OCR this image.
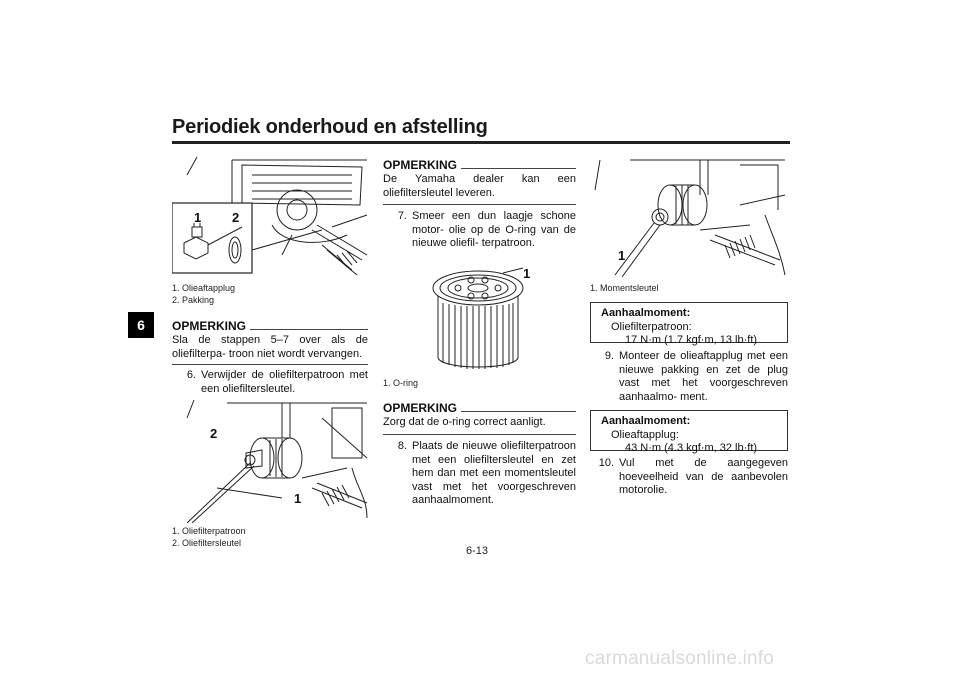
Periodiek onderhoud en afstelling
6
1 2
1. Olieaftapplug
2. Pakking
OPMERKING
Sla de stappen 5–7 over als de oliefilterpa- troon niet wordt vervangen.
6. Verwijder de oliefilterpatroon met een oliefiltersleutel.
2
1
1. Oliefilterpatroon
2. Oliefiltersleutel
OPMERKING
De Yamaha dealer kan een oliefiltersleutel leveren.
7. Smeer een dun laagje schone motor- olie op de O-ring van de nieuwe oliefil- terpatroon.
1
1. O-ring
OPMERKING
Zorg dat de o-ring correct aanligt.
8. Plaats de nieuwe oliefilterpatroon met een oliefiltersleutel en zet hem dan met een momentsleutel vast met het voorgeschreven aanhaalmoment.
1
1. Momentsleutel
Aanhaalmoment:
Oliefilterpatroon:
17 N·m (1.7 kgf·m, 13 lb·ft)
9. Monteer de olieaftapplug met een nieuwe pakking en zet de plug vast met het voorgeschreven aanhaalmo- ment.
Aanhaalmoment:
Olieaftapplug:
43 N·m (4.3 kgf·m, 32 lb·ft)
10. Vul met de aangegeven hoeveelheid van de aanbevolen motorolie.
6-13
carmanualsonline.info
